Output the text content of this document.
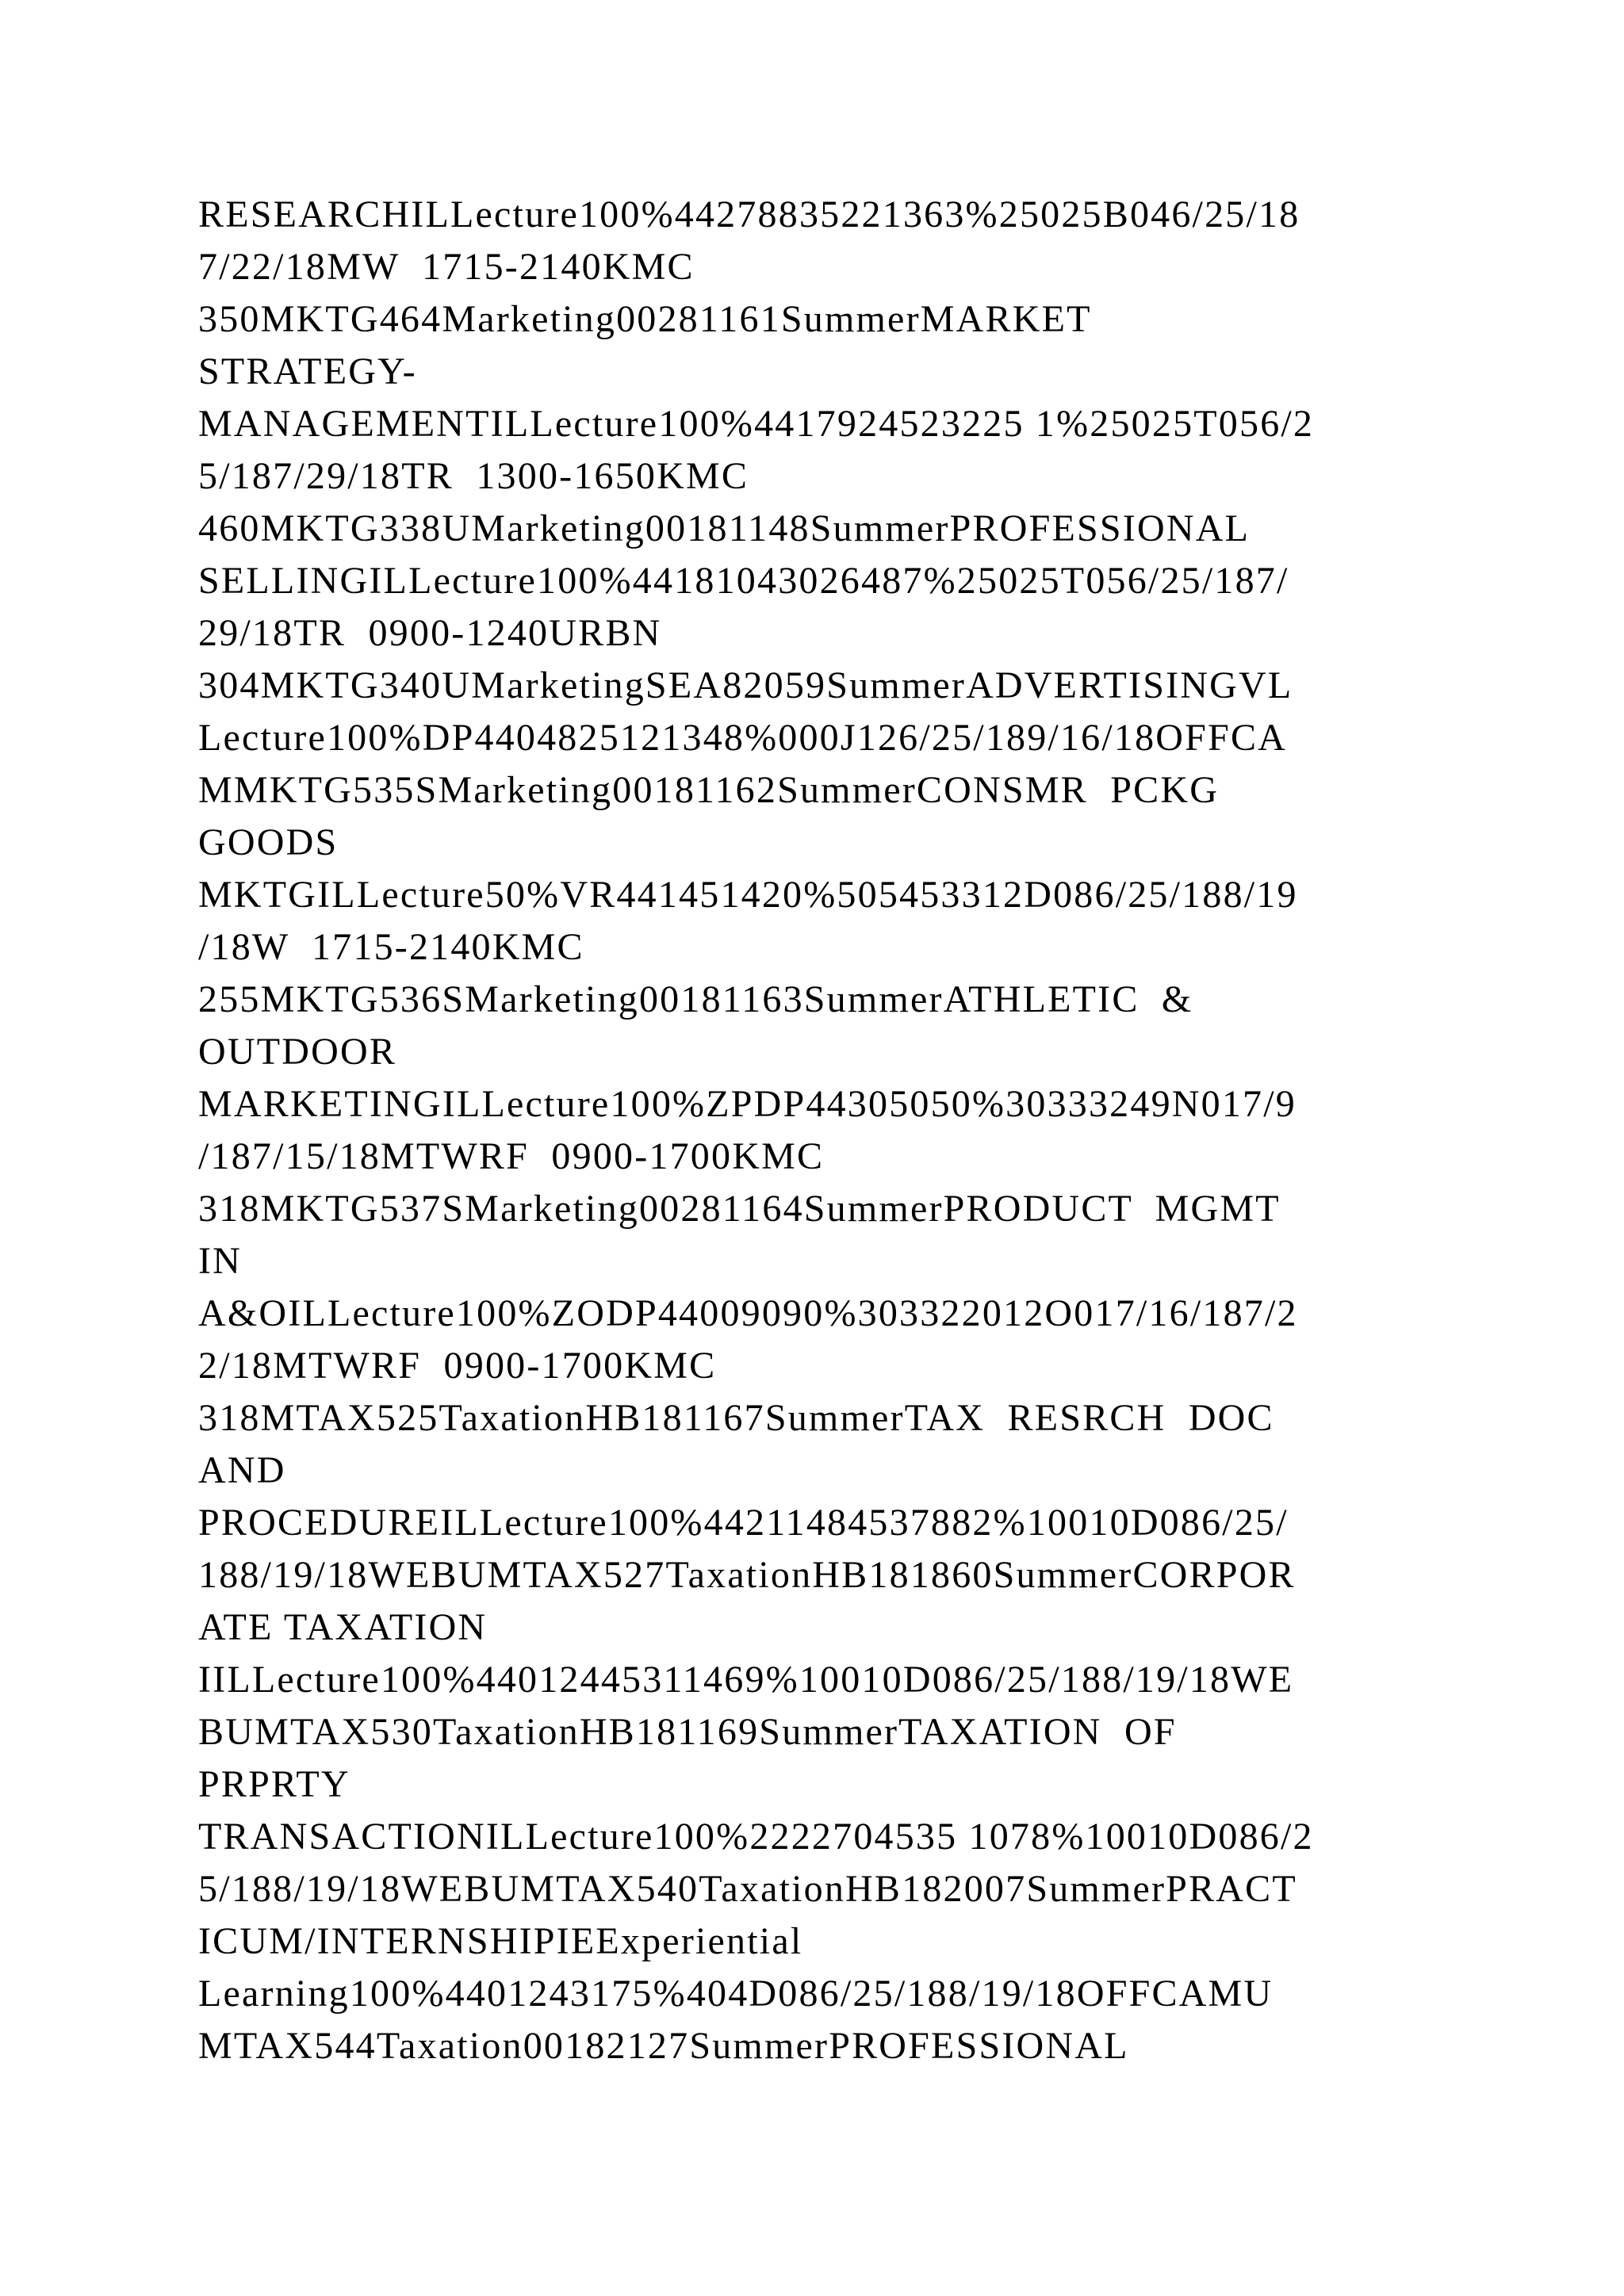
RESEARCHILLecture100%44278835221363%25025B046/25/18
7/22/18MW  1715-2140KMC
350MKTG464Marketing00281161SummerMARKET
STRATEGY-
MANAGEMENTILLecture100%4417924523225 1%25025T056/2
5/187/29/18TR  1300-1650KMC
460MKTG338UMarketing00181148SummerPROFESSIONAL
SELLINGILLecture100%44181043026487%25025T056/25/187/
29/18TR  0900-1240URBN
304MKTG340UMarketingSEA82059SummerADVERTISINGVL
Lecture100%DP4404825121348%000J126/25/189/16/18OFFCA
MMKTG535SMarketing00181162SummerCONSMR  PCKG
GOODS
MKTGILLecture50%VR441451420%505453312D086/25/188/19
/18W  1715-2140KMC
255MKTG536SMarketing00181163SummerATHLETIC  &
OUTDOOR
MARKETINGILLecture100%ZPDP44305050%30333249N017/9
/187/15/18MTWRF  0900-1700KMC
318MKTG537SMarketing00281164SummerPRODUCT  MGMT
IN
A&OILLecture100%ZODP44009090%303322012O017/16/187/2
2/18MTWRF  0900-1700KMC
318MTAX525TaxationHB181167SummerTAX  RESRCH  DOC
AND
PROCEDUREILLecture100%44211484537882%10010D086/25/
188/19/18WEBUMTAX527TaxationHB181860SummerCORPOR
ATE TAXATION
IILLecture100%44012445311469%10010D086/25/188/19/18WE
BUMTAX530TaxationHB181169SummerTAXATION  OF
PRPRTY
TRANSACTIONILLecture100%2222704535 1078%10010D086/2
5/188/19/18WEBUMTAX540TaxationHB182007SummerPRACT
ICUM/INTERNSHIPIEExperiential
Learning100%4401243175%404D086/25/188/19/18OFFCAMU
MTAX544Taxation00182127SummerPROFESSIONAL
